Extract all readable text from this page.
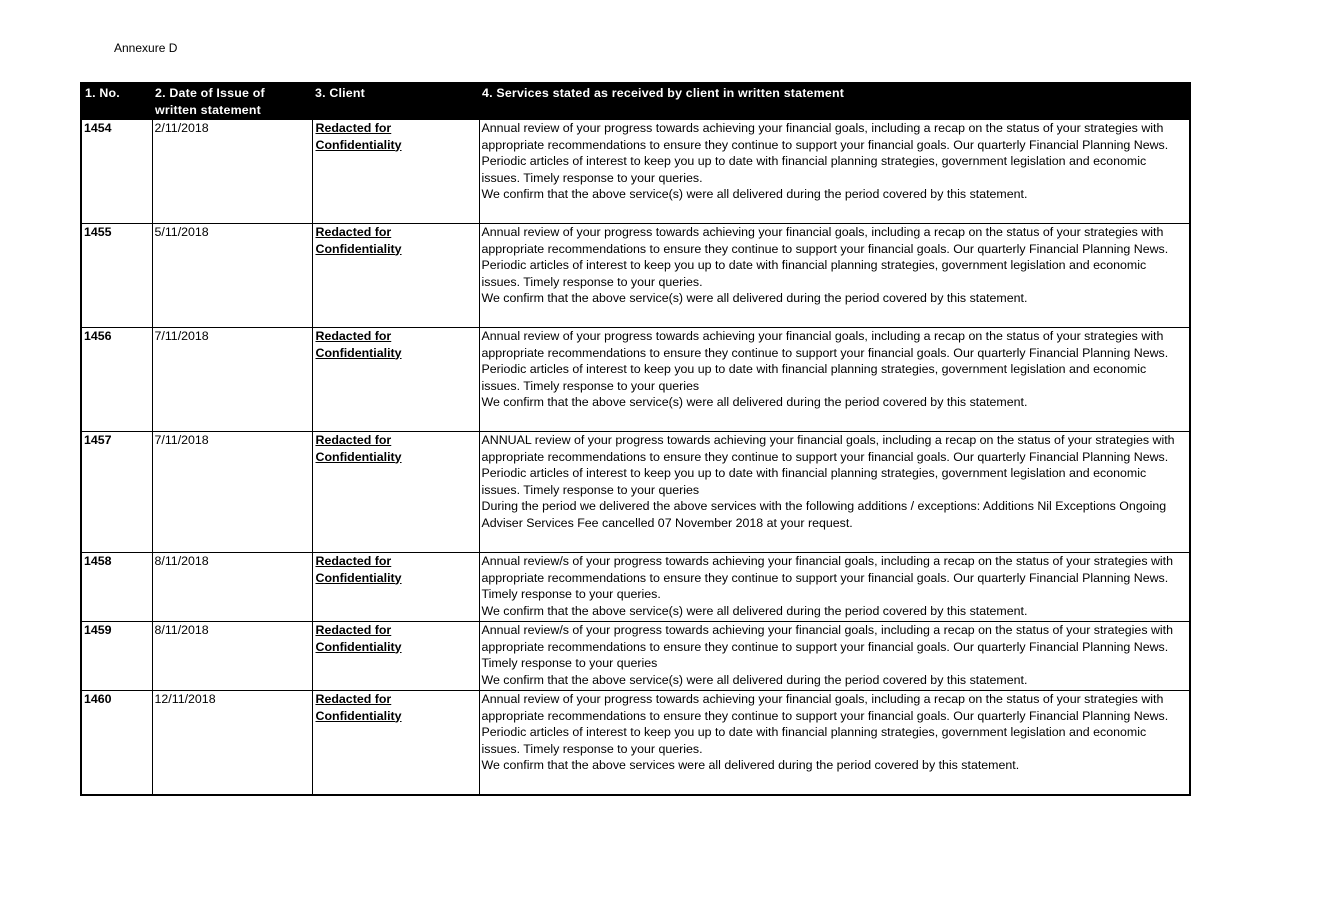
Annexure D
1. No.	2. Date of Issue of written statement	3. Client	4. Services stated as received by client in written statement
1454	2/11/2018	Redacted for Confidentiality	Annual review of your progress towards achieving your financial goals, including a recap on the status of your strategies with appropriate recommendations to ensure they continue to support your financial goals. Our quarterly Financial Planning News. Periodic articles of interest to keep you up to date with financial planning strategies, government legislation and economic issues. Timely response to your queries.
We confirm that the above service(s) were all delivered during the period covered by this statement.

1455	5/11/2018	Redacted for Confidentiality	Annual review of your progress towards achieving your financial goals, including a recap on the status of your strategies with appropriate recommendations to ensure they continue to support your financial goals. Our quarterly Financial Planning News. Periodic articles of interest to keep you up to date with financial planning strategies, government legislation and economic issues. Timely response to your queries.
We confirm that the above service(s) were all delivered during the period covered by this statement.

1456	7/11/2018	Redacted for Confidentiality	Annual review of your progress towards achieving your financial goals, including a recap on the status of your strategies with appropriate recommendations to ensure they continue to support your financial goals. Our quarterly Financial Planning News. Periodic articles of interest to keep you up to date with financial planning strategies, government legislation and economic issues. Timely response to your queries
We confirm that the above service(s) were all delivered during the period covered by this statement.

1457	7/11/2018	Redacted for Confidentiality	ANNUAL review of your progress towards achieving your financial goals, including a recap on the status of your strategies with appropriate recommendations to ensure they continue to support your financial goals. Our quarterly Financial Planning News. Periodic articles of interest to keep you up to date with financial planning strategies, government legislation and economic issues. Timely response to your queries
During the period we delivered the above services with the following additions / exceptions: Additions Nil Exceptions Ongoing Adviser Services Fee cancelled 07 November 2018 at your request.

1458	8/11/2018	Redacted for Confidentiality	Annual review/s of your progress towards achieving your financial goals, including a recap on the status of your strategies with appropriate recommendations to ensure they continue to support your financial goals. Our quarterly Financial Planning News. Timely response to your queries.
We confirm that the above service(s) were all delivered during the period covered by this statement.

1459	8/11/2018	Redacted for Confidentiality	Annual review/s of your progress towards achieving your financial goals, including a recap on the status of your strategies with appropriate recommendations to ensure they continue to support your financial goals. Our quarterly Financial Planning News. Timely response to your queries
We confirm that the above service(s) were all delivered during the period covered by this statement.

1460	12/11/2018	Redacted for Confidentiality	Annual review of your progress towards achieving your financial goals, including a recap on the status of your strategies with appropriate recommendations to ensure they continue to support your financial goals. Our quarterly Financial Planning News. Periodic articles of interest to keep you up to date with financial planning strategies, government legislation and economic issues. Timely response to your queries.
We confirm that the above services were all delivered during the period covered by this statement.
